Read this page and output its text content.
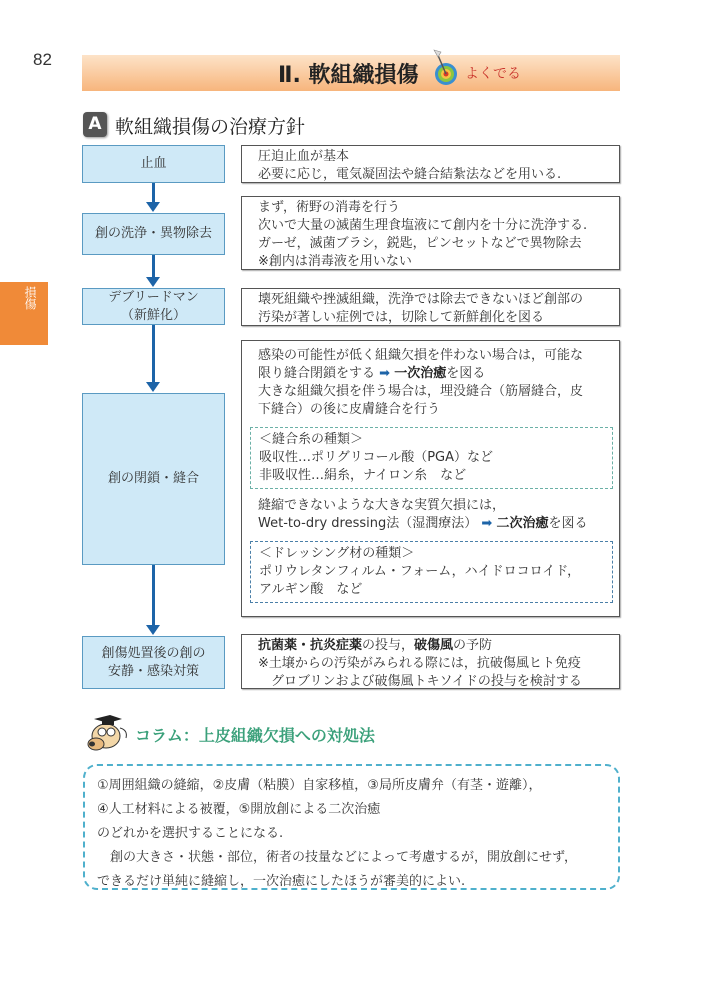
82
損傷
Ⅱ. 軟組織損傷	よくでる
A 軟組織損傷の治療方針
止血
創の洗浄・異物除去
デブリードマン
（新鮮化）
創の閉鎖・縫合
創傷処置後の創の
安静・感染対策
圧迫止血が基本
必要に応じ，電気凝固法や縫合結紮法などを用いる.
まず，術野の消毒を行う
次いで大量の滅菌生理食塩液にて創内を十分に洗浄する.
ガーゼ，滅菌ブラシ，鋭匙，ピンセットなどで異物除去
※創内は消毒液を用いない
壊死組織や挫滅組織，洗浄では除去できないほど創部の
汚染が著しい症例では，切除して新鮮創化を図る
感染の可能性が低く組織欠損を伴わない場合は，可能な
限り縫合閉鎖をする ➡ 一次治癒を図る
大きな組織欠損を伴う場合は，埋没縫合（筋層縫合，皮
下縫合）の後に皮膚縫合を行う
＜縫合糸の種類＞
吸収性…ポリグリコール酸（PGA）など
非吸収性…絹糸，ナイロン糸　など
縫縮できないような大きな実質欠損には，
Wet-to-dry dressing法（湿潤療法） ➡ 二次治癒を図る
＜ドレッシング材の種類＞
ポリウレタンフィルム・フォーム，ハイドロコロイド，
アルギン酸　など
抗菌薬・抗炎症薬の投与，破傷風の予防
※土壌からの汚染がみられる際には，抗破傷風ヒト免疫
　グロブリンおよび破傷風トキソイドの投与を検討する
コラム：上皮組織欠損への対処法
①周囲組織の縫縮，②皮膚（粘膜）自家移植，③局所皮膚弁（有茎・遊離），
④人工材料による被覆，⑤開放創による二次治癒
のどれかを選択することになる.
　創の大きさ・状態・部位，術者の技量などによって考慮するが，開放創にせず，
できるだけ単純に縫縮し，一次治癒にしたほうが審美的によい.
